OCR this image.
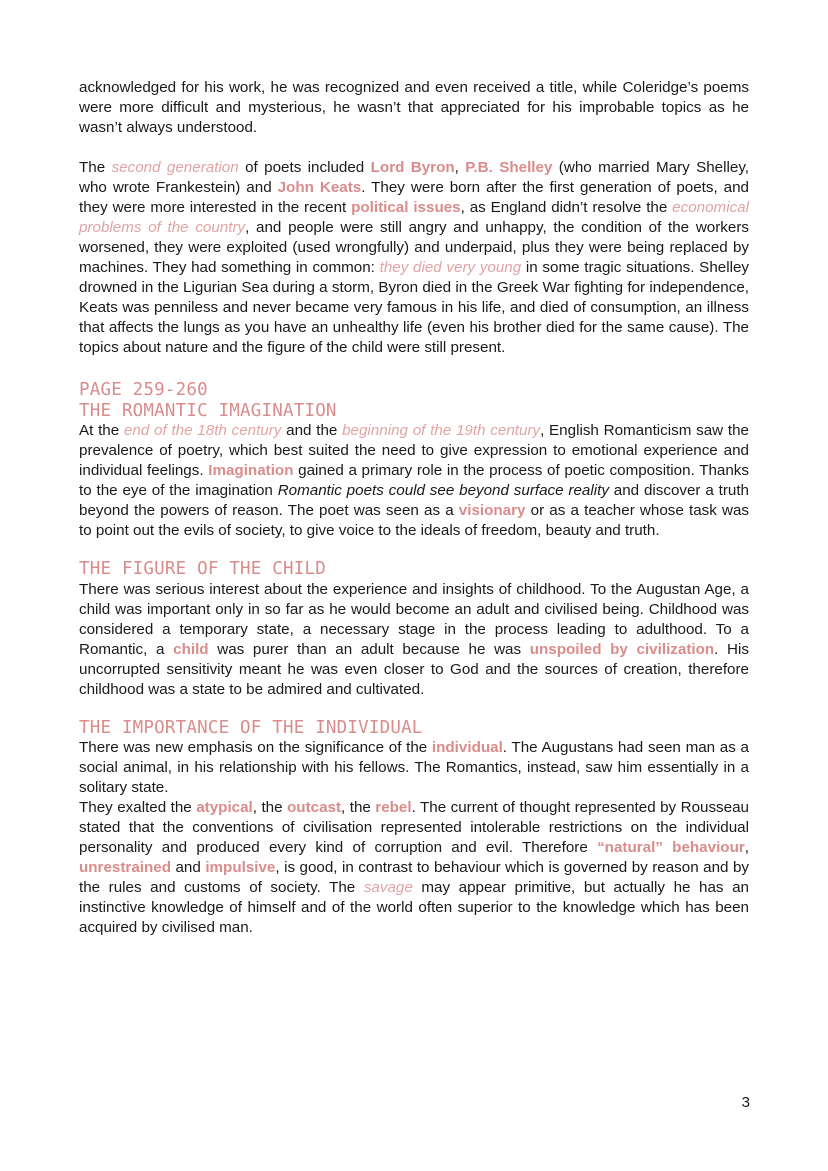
acknowledged for his work, he was recognized and even received a title, while Coleridge’s poems were more difficult and mysterious, he wasn’t that appreciated for his improbable topics as he wasn’t always understood.

The second generation of poets included Lord Byron, P.B. Shelley (who married Mary Shelley, who wrote Frankestein) and John Keats. They were born after the first generation of poets, and they were more interested in the recent political issues, as England didn’t resolve the economical problems of the country, and people were still angry and unhappy, the condition of the workers worsened, they were exploited (used wrongfully) and underpaid, plus they were being replaced by machines. They had something in common: they died very young in some tragic situations. Shelley drowned in the Ligurian Sea during a storm, Byron died in the Greek War fighting for independence, Keats was penniless and never became very famous in his life, and died of consumption, an illness that affects the lungs as you have an unhealthy life (even his brother died for the same cause). The topics about nature and the figure of the child were still present.

PAGE 259-260
THE ROMANTIC IMAGINATION

At the end of the 18th century and the beginning of the 19th century, English Romanticism saw the prevalence of poetry, which best suited the need to give expression to emotional experience and individual feelings. Imagination gained a primary role in the process of poetic composition. Thanks to the eye of the imagination Romantic poets could see beyond surface reality and discover a truth beyond the powers of reason. The poet was seen as a visionary or as a teacher whose task was to point out the evils of society, to give voice to the ideals of freedom, beauty and truth.

THE FIGURE OF THE CHILD

There was serious interest about the experience and insights of childhood. To the Augustan Age, a child was important only in so far as he would become an adult and civilised being. Childhood was considered a temporary state, a necessary stage in the process leading to adulthood. To a Romantic, a child was purer than an adult because he was unspoiled by civilization. His uncorrupted sensitivity meant he was even closer to God and the sources of creation, therefore childhood was a state to be admired and cultivated.

THE IMPORTANCE OF THE INDIVIDUAL

There was new emphasis on the significance of the individual. The Augustans had seen man as a social animal, in his relationship with his fellows. The Romantics, instead, saw him essentially in a solitary state.

They exalted the atypical, the outcast, the rebel. The current of thought represented by Rousseau stated that the conventions of civilisation represented intolerable restrictions on the individual personality and produced every kind of corruption and evil. Therefore “natural” behaviour, unrestrained and impulsive, is good, in contrast to behaviour which is governed by reason and by the rules and customs of society. The savage may appear primitive, but actually he has an instinctive knowledge of himself and of the world often superior to the knowledge which has been acquired by civilised man.

3
